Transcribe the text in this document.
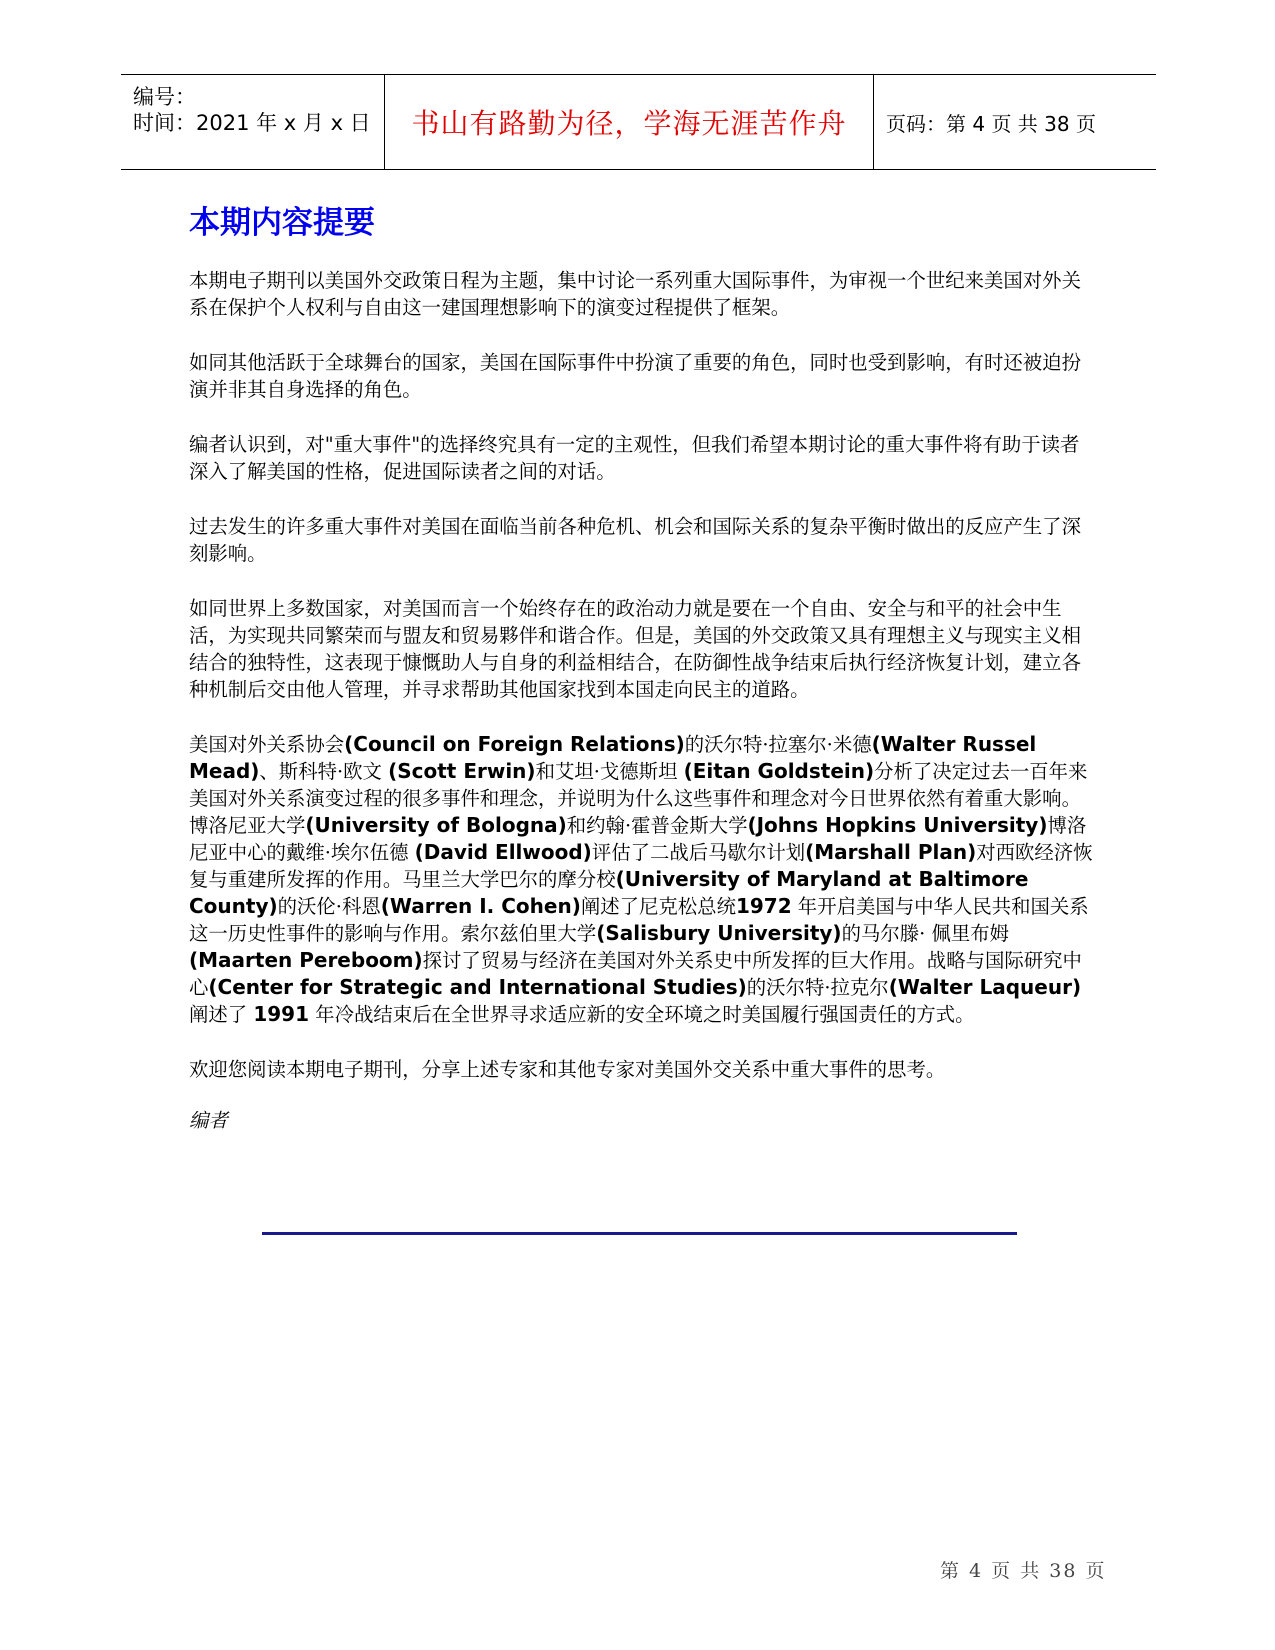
编号：
时间：2021 年 x 月 x 日	书山有路勤为径，学海无涯苦作舟	页码：第 4 页 共 38 页
本期内容提要

本期电子期刊以美国外交政策日程为主题，集中讨论一系列重大国际事件，为审视一个世纪来美国对外关系在保护个人权利与自由这一建国理想影响下的演变过程提供了框架。

如同其他活跃于全球舞台的国家，美国在国际事件中扮演了重要的角色，同时也受到影响，有时还被迫扮演并非其自身选择的角色。

编者认识到，对"重大事件"的选择终究具有一定的主观性，但我们希望本期讨论的重大事件将有助于读者深入了解美国的性格，促进国际读者之间的对话。

过去发生的许多重大事件对美国在面临当前各种危机、机会和国际关系的复杂平衡时做出的反应产生了深刻影响。

如同世界上多数国家，对美国而言一个始终存在的政治动力就是要在一个自由、安全与和平的社会中生活，为实现共同繁荣而与盟友和贸易夥伴和谐合作。但是，美国的外交政策又具有理想主义与现实主义相结合的独特性，这表现于慷慨助人与自身的利益相结合，在防御性战争结束后执行经济恢复计划，建立各种机制后交由他人管理，并寻求帮助其他国家找到本国走向民主的道路。

美国对外关系协会(Council on Foreign Relations)的沃尔特·拉塞尔·米德(Walter Russel Mead)、斯科特·欧文 (Scott Erwin)和艾坦·戈德斯坦 (Eitan Goldstein)分析了决定过去一百年来美国对外关系演变过程的很多事件和理念，并说明为什么这些事件和理念对今日世界依然有着重大影响。博洛尼亚大学(University of Bologna)和约翰·霍普金斯大学(Johns Hopkins University)博洛尼亚中心的戴维·埃尔伍德 (David Ellwood)评估了二战后马歇尔计划(Marshall Plan)对西欧经济恢复与重建所发挥的作用。马里兰大学巴尔的摩分校(University of Maryland at Baltimore County)的沃伦·科恩(Warren I. Cohen)阐述了尼克松总统1972 年开启美国与中华人民共和国关系这一历史性事件的影响与作用。索尔兹伯里大学(Salisbury University)的马尔滕· 佩里布姆(Maarten Pereboom)探讨了贸易与经济在美国对外关系史中所发挥的巨大作用。战略与国际研究中心(Center for Strategic and International Studies)的沃尔特·拉克尔(Walter Laqueur)阐述了 1991 年冷战结束后在全世界寻求适应新的安全环境之时美国履行强国责任的方式。

欢迎您阅读本期电子期刊，分享上述专家和其他专家对美国外交关系中重大事件的思考。

编者

第 4 页 共 38 页
